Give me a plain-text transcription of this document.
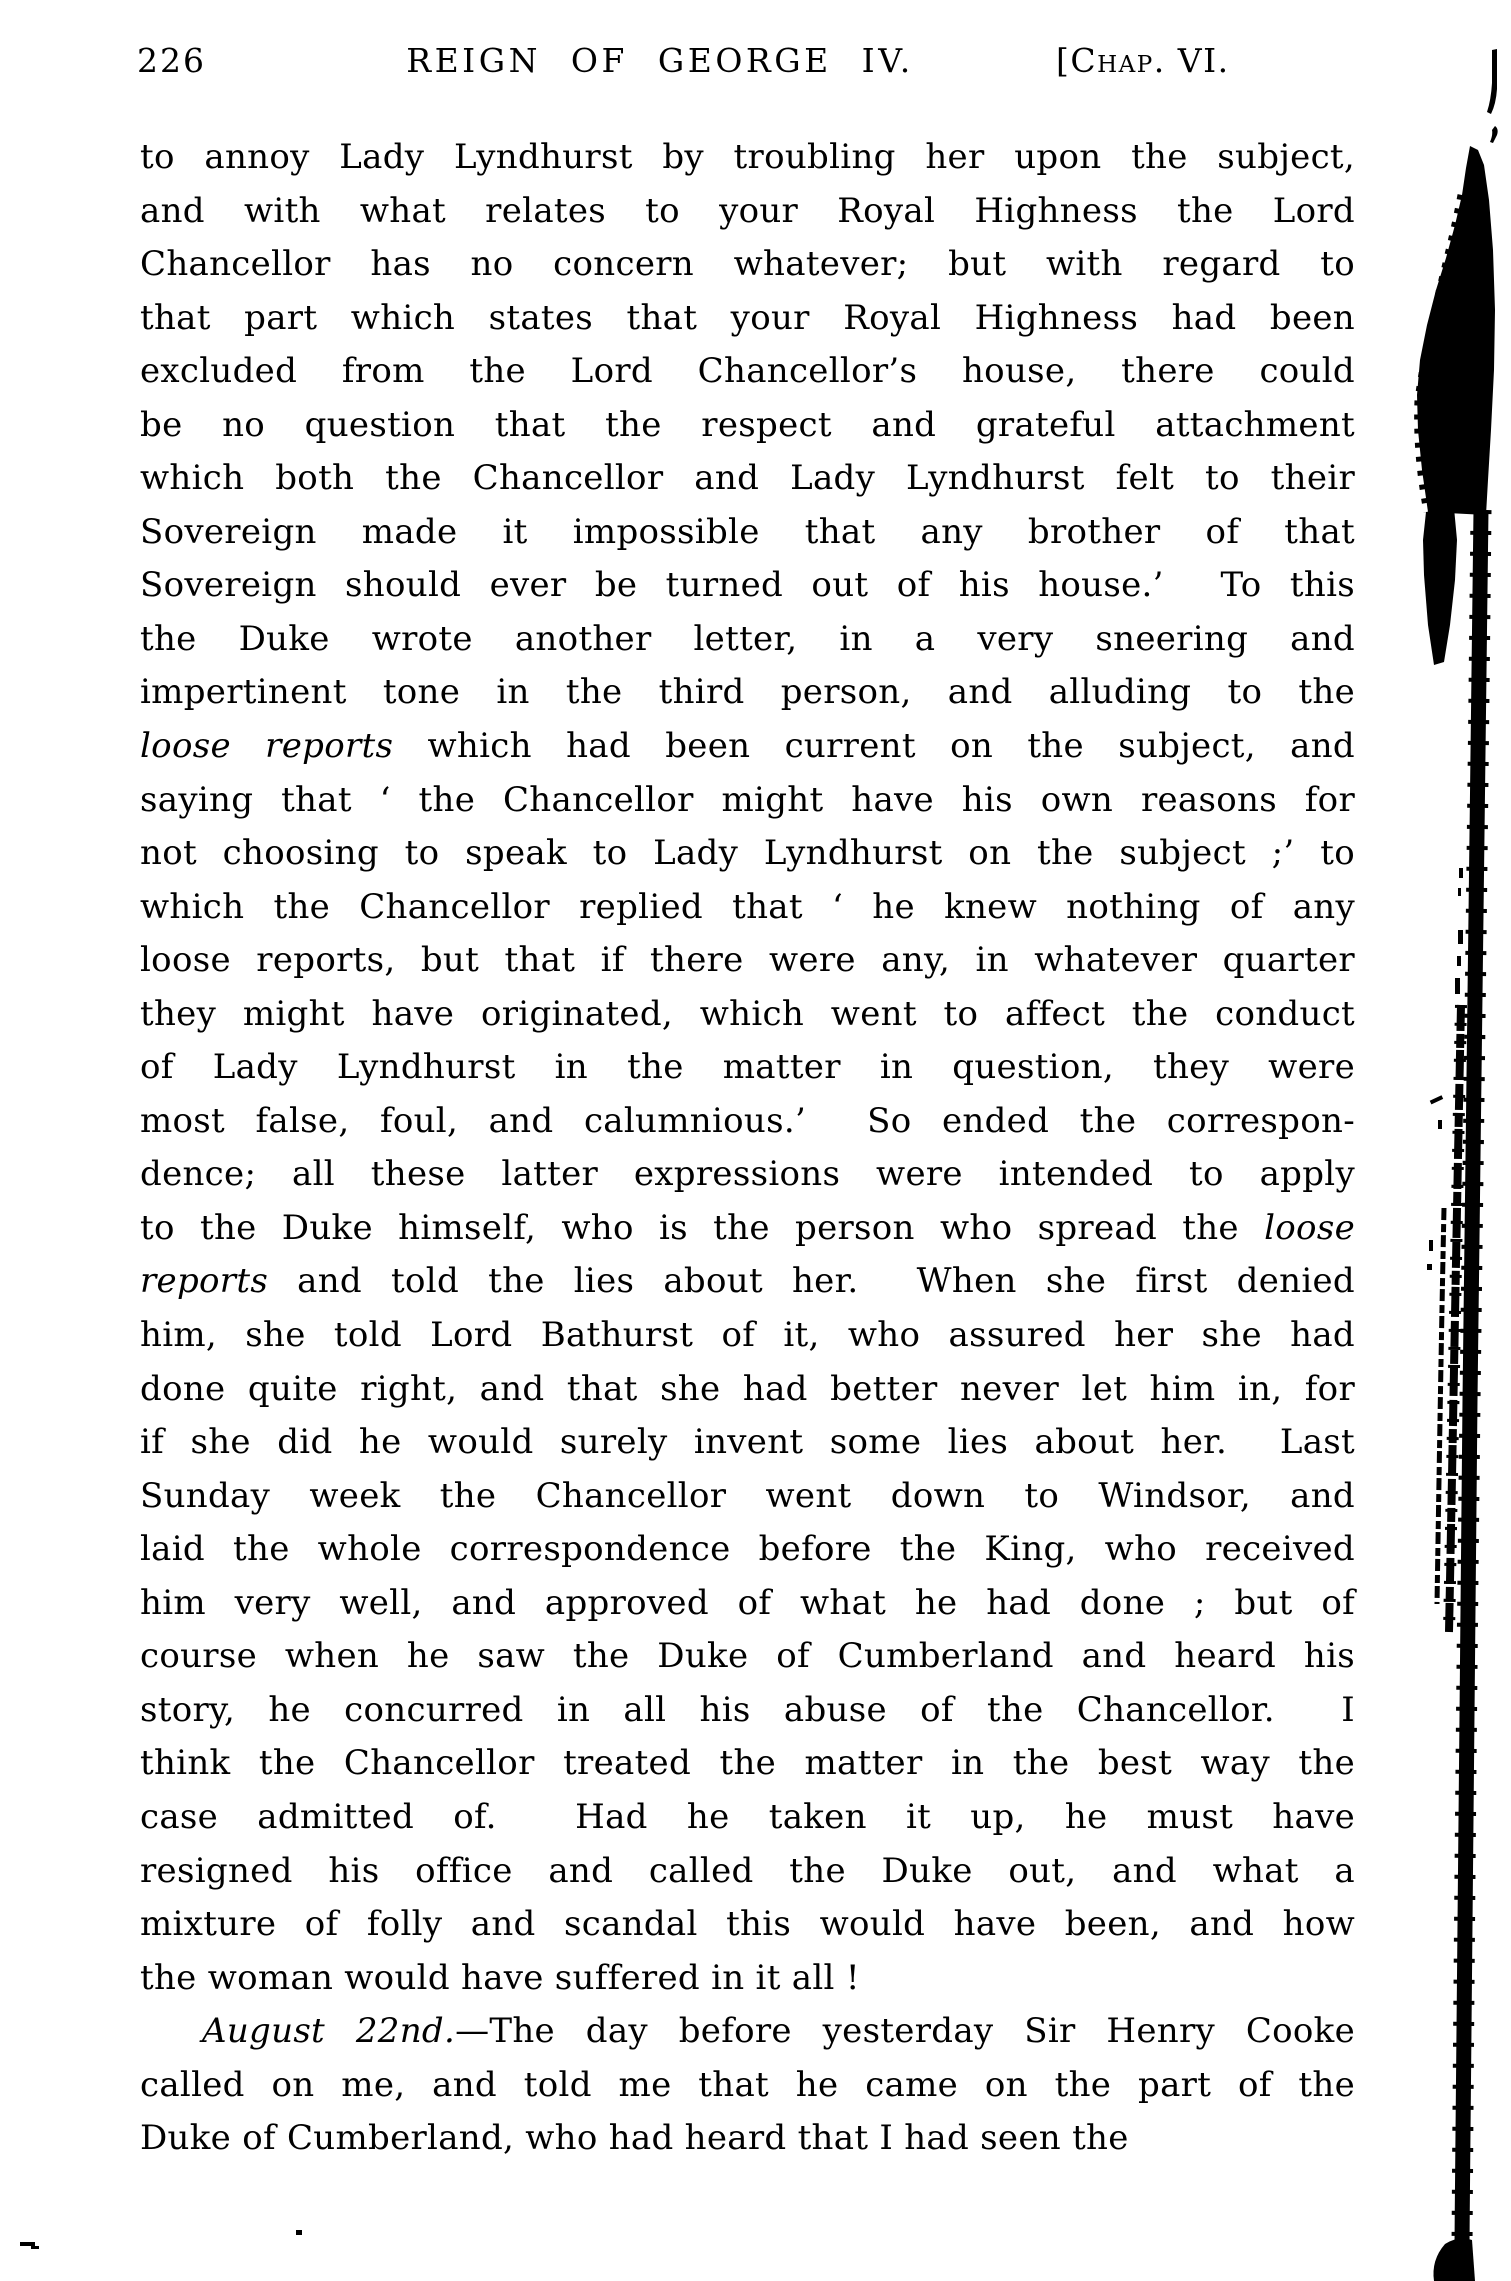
226	REIGN OF GEORGE IV.	[Chap. VI.
to annoy Lady Lyndhurst by troubling her upon the subject,
and with what relates to your Royal Highness the Lord
Chancellor has no concern whatever; but with regard to
that part which states that your Royal Highness had been
excluded from the Lord Chancellor’s house, there could
be no question that the respect and grateful attachment
which both the Chancellor and Lady Lyndhurst felt to their
Sovereign made it impossible that any brother of that
Sovereign should ever be turned out of his house.’  To this
the Duke wrote another letter, in a very sneering and
impertinent tone in the third person, and alluding to the
loose reports which had been current on the subject, and
saying that ‘ the Chancellor might have his own reasons for
not choosing to speak to Lady Lyndhurst on the subject ;’ to
which the Chancellor replied that ‘ he knew nothing of any
loose reports, but that if there were any, in whatever quarter
they might have originated, which went to affect the conduct
of Lady Lyndhurst in the matter in question, they were
most false, foul, and calumnious.’  So ended the correspon-
dence; all these latter expressions were intended to apply
to the Duke himself, who is the person who spread the loose
reports and told the lies about her.  When she first denied
him, she told Lord Bathurst of it, who assured her she had
done quite right, and that she had better never let him in, for
if she did he would surely invent some lies about her.  Last
Sunday week the Chancellor went down to Windsor, and
laid the whole correspondence before the King, who received
him very well, and approved of what he had done ; but of
course when he saw the Duke of Cumberland and heard his
story, he concurred in all his abuse of the Chancellor.  I
think the Chancellor treated the matter in the best way the
case admitted of.  Had he taken it up, he must have
resigned his office and called the Duke out, and what a
mixture of folly and scandal this would have been, and how
the woman would have suffered in it all !
August 22nd.—The day before yesterday Sir Henry Cooke
called on me, and told me that he came on the part of the
Duke of Cumberland, who had heard that I had seen the
